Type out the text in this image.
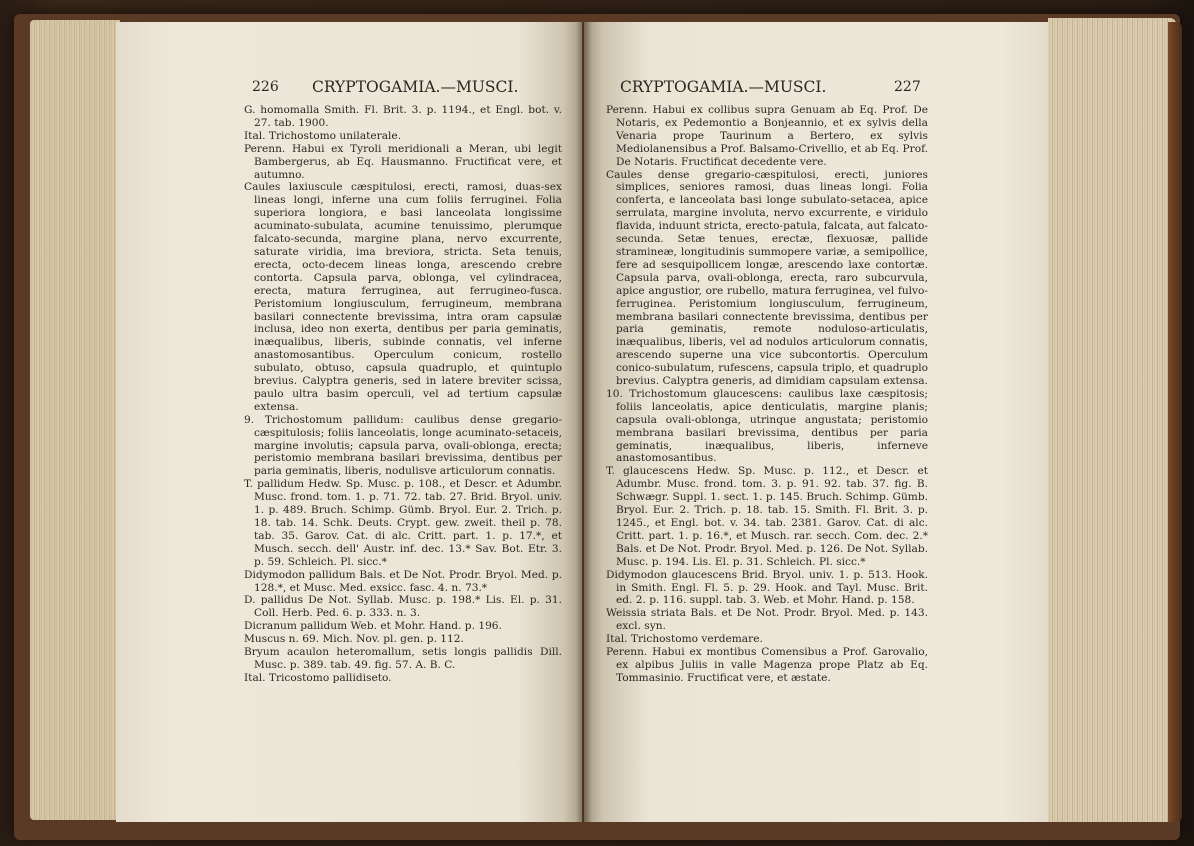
226 CRYPTOGAMIA.—MUSCI.

G. homomalla Smith. Fl. Brit. 3. p. 1194., et Engl. bot. v. 27. tab. 1900.

Ital. Trichostomo unilaterale.

Perenn. Habui ex Tyroli meridionali a Meran, ubi legit Bambergerus, ab Eq. Hausmanno. Fructificat vere, et autumno.

Caules laxiuscule cæspitulosi, erecti, ramosi, duas-sex lineas longi, inferne una cum foliis ferruginei. Folia superiora longiora, e basi lanceolata longissime acuminato-subulata, acumine tenuissimo, plerumque falcato-secunda, margine plana, nervo excurrente, saturate viridia, ima breviora, stricta. Seta tenuis, erecta, octo-decem lineas longa, arescendo crebre contorta. Capsula parva, oblonga, vel cylindracea, erecta, matura ferruginea, aut ferrugineo-fusca. Peristomium longiusculum, ferrugineum, membrana basilari connectente brevissima, intra oram capsulæ inclusa, ideo non exerta, dentibus per paria geminatis, inæqualibus, liberis, subinde connatis, vel inferne anastomosantibus. Operculum conicum, rostello subulato, obtuso, capsula quadruplo, et quintuplo brevius. Calyptra generis, sed in latere breviter scissa, paulo ultra basim operculi, vel ad tertium capsulæ extensa.

9. Trichostomum pallidum: caulibus dense gregario-cæspitulosis; foliis lanceolatis, longe acuminato-setaceis, margine involutis; capsula parva, ovali-oblonga, erecta; peristomio membrana basilari brevissima, dentibus per paria geminatis, liberis, nodulisve articulorum connatis.

T. pallidum Hedw. Sp. Musc. p. 108., et Descr. et Adumbr. Musc. frond. tom. 1. p. 71. 72. tab. 27. Brid. Bryol. univ. 1. p. 489. Bruch. Schimp. Gümb. Bryol. Eur. 2. Trich. p. 18. tab. 14. Schk. Deuts. Crypt. gew. zweit. theil p. 78. tab. 35. Garov. Cat. di alc. Critt. part. 1. p. 17.*, et Musch. secch. dell' Austr. inf. dec. 13.* Sav. Bot. Etr. 3. p. 59. Schleich. Pl. sicc.*

Didymodon pallidum Bals. et De Not. Prodr. Bryol. Med. p. 128.*, et Musc. Med. exsicc. fasc. 4. n. 73.*

D. pallidus De Not. Syllab. Musc. p. 198.* Lis. El. p. 31. Coll. Herb. Ped. 6. p. 333. n. 3.

Dicranum pallidum Web. et Mohr. Hand. p. 196.

Muscus n. 69. Mich. Nov. pl. gen. p. 112.

Bryum acaulon heteromallum, setis longis pallidis Dill. Musc. p. 389. tab. 49. fig. 57. A. B. C.

Ital. Tricostomo pallidiseto.

CRYPTOGAMIA.—MUSCI.	227

Perenn. Habui ex collibus supra Genuam ab Eq. Prof. De Notaris, ex Pedemontio a Bonjeannio, et ex sylvis della Venaria prope Taurinum a Bertero, ex sylvis Mediolanensibus a Prof. Balsamo-Crivellio, et ab Eq. Prof. De Notaris. Fructificat decedente vere.

Caules dense gregario-cæspitulosi, erecti, juniores simplices, seniores ramosi, duas lineas longi. Folia conferta, e lanceolata basi longe subulato-setacea, apice serrulata, margine involuta, nervo excurrente, e viridulo flavida, induunt stricta, erecto-patula, falcata, aut falcato-secunda. Setæ tenues, erectæ, flexuosæ, pallide stramineæ, longitudinis summopere variæ, a semipollice, fere ad sesquipollicem longæ, arescendo laxe contortæ. Capsula parva, ovali-oblonga, erecta, raro subcurvula, apice angustior, ore rubello, matura ferruginea, vel fulvo-ferruginea. Peristomium longiusculum, ferrugineum, membrana basilari connectente brevissima, dentibus per paria geminatis, remote noduloso-articulatis, inæqualibus, liberis, vel ad nodulos articulorum connatis, arescendo superne una vice subcontortis. Operculum conico-subulatum, rufescens, capsula triplo, et quadruplo brevius. Calyptra generis, ad dimidiam capsulam extensa.

10. Trichostomum glaucescens: caulibus laxe cæspitosis; foliis lanceolatis, apice denticulatis, margine planis; capsula ovali-oblonga, utrinque angustata; peristomio membrana basilari brevissima, dentibus per paria geminatis, inæqualibus, liberis, inferneve anastomosantibus.

T. glaucescens Hedw. Sp. Musc. p. 112., et Descr. et Adumbr. Musc. frond. tom. 3. p. 91. 92. tab. 37. fig. B. Schwægr. Suppl. 1. sect. 1. p. 145. Bruch. Schimp. Gümb. Bryol. Eur. 2. Trich. p. 18. tab. 15. Smith. Fl. Brit. 3. p. 1245., et Engl. bot. v. 34. tab. 2381. Garov. Cat. di alc. Critt. part. 1. p. 16.*, et Musch. rar. secch. Com. dec. 2.* Bals. et De Not. Prodr. Bryol. Med. p. 126. De Not. Syllab. Musc. p. 194. Lis. El. p. 31. Schleich. Pl. sicc.*

Didymodon glaucescens Brid. Bryol. univ. 1. p. 513. Hook. in Smith. Engl. Fl. 5. p. 29. Hook. and Tayl. Musc. Brit. ed. 2. p. 116. suppl. tab. 3. Web. et Mohr. Hand. p. 158.

Weissia striata Bals. et De Not. Prodr. Bryol. Med. p. 143. excl. syn.

Ital. Trichostomo verdemare.

Perenn. Habui ex montibus Comensibus a Prof. Garovalio, ex alpibus Juliis in valle Magenza prope Platz ab Eq. Tommasinio. Fructificat vere, et æstate.
